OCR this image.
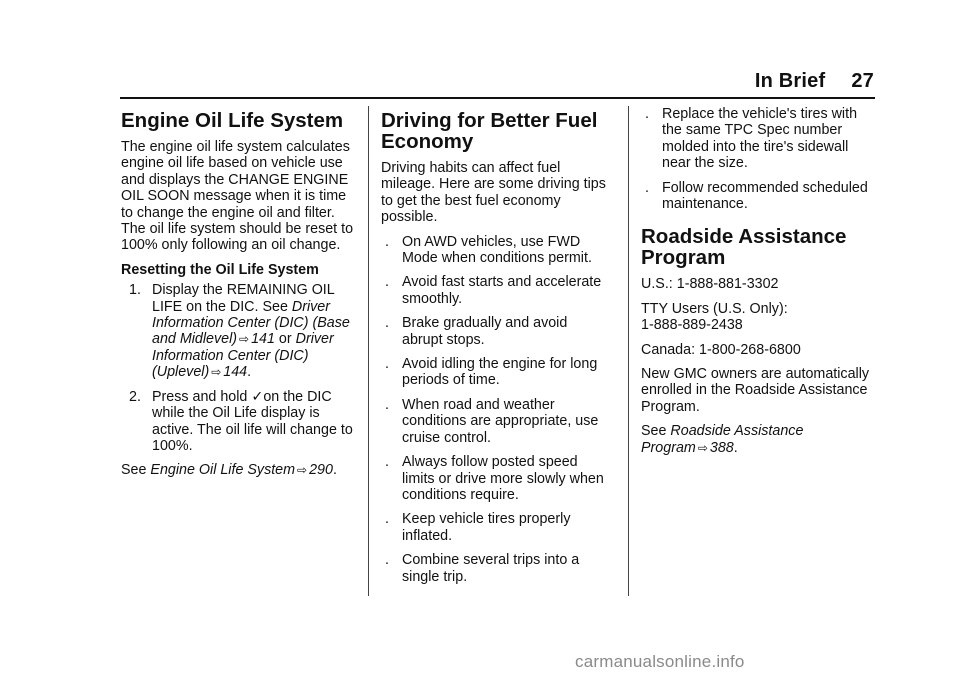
In Brief 27
Engine Oil Life System

The engine oil life system calculates engine oil life based on vehicle use and displays the CHANGE ENGINE OIL SOON message when it is time to change the engine oil and filter. The oil life system should be reset to 100% only following an oil change.

Resetting the Oil Life System

1. Display the REMAINING OIL LIFE on the DIC. See Driver Information Center (DIC) (Base and Midlevel) ⇨ 141 or Driver Information Center (DIC) (Uplevel) ⇨ 144.
2. Press and hold ✓on the DIC while the Oil Life display is active. The oil life will change to 100%.

See Engine Oil Life System ⇨ 290.

Driving for Better Fuel Economy

Driving habits can affect fuel mileage. Here are some driving tips to get the best fuel economy possible.

. On AWD vehicles, use FWD Mode when conditions permit.
. Avoid fast starts and accelerate smoothly.
. Brake gradually and avoid abrupt stops.
. Avoid idling the engine for long periods of time.
. When road and weather conditions are appropriate, use cruise control.
. Always follow posted speed limits or drive more slowly when conditions require.
. Keep vehicle tires properly inflated.
. Combine several trips into a single trip.
. Replace the vehicle's tires with the same TPC Spec number molded into the tire's sidewall near the size.
. Follow recommended scheduled maintenance.
Roadside Assistance Program

U.S.: 1-888-881-3302

TTY Users (U.S. Only):
1-888-889-2438

Canada: 1-800-268-6800

New GMC owners are automatically enrolled in the Roadside Assistance Program.

See Roadside Assistance Program ⇨ 388.

carmanualsonline.info
